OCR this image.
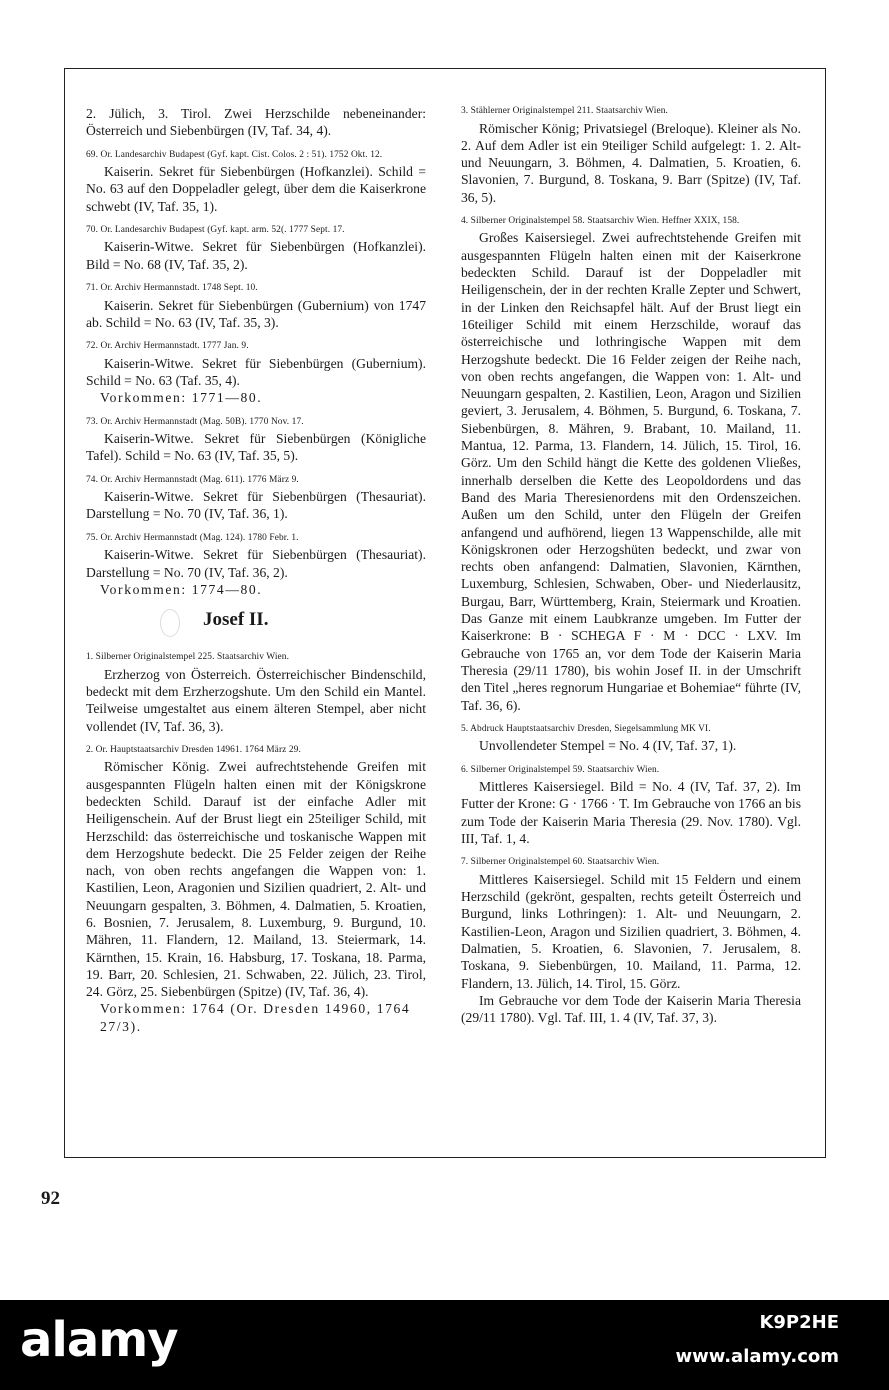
2. Jülich, 3. Tirol. Zwei Herzschilde nebeneinander: Österreich und Siebenbürgen (IV, Taf. 34, 4).

69. Or. Landesarchiv Budapest (Gyf. kapt. Cist. Colos. 2 : 51). 1752 Okt. 12.

Kaiserin. Sekret für Siebenbürgen (Hofkanzlei). Schild = No. 63 auf den Doppeladler gelegt, über dem die Kaiserkrone schwebt (IV, Taf. 35, 1).

70. Or. Landesarchiv Budapest (Gyf. kapt. arm. 52(. 1777 Sept. 17.

Kaiserin-Witwe. Sekret für Siebenbürgen (Hofkanzlei). Bild = No. 68 (IV, Taf. 35, 2).

71. Or. Archiv Hermannstadt. 1748 Sept. 10.

Kaiserin. Sekret für Siebenbürgen (Gubernium) von 1747 ab. Schild = No. 63 (IV, Taf. 35, 3).

72. Or. Archiv Hermannstadt. 1777 Jan. 9.

Kaiserin-Witwe. Sekret für Siebenbürgen (Gubernium). Schild = No. 63 (Taf. 35, 4).

Vorkommen: 1771—80.

73. Or. Archiv Hermannstadt (Mag. 50B). 1770 Nov. 17.

Kaiserin-Witwe. Sekret für Siebenbürgen (Königliche Tafel). Schild = No. 63 (IV, Taf. 35, 5).

74. Or. Archiv Hermannstadt (Mag. 611). 1776 März 9.

Kaiserin-Witwe. Sekret für Siebenbürgen (Thesauriat). Darstellung = No. 70 (IV, Taf. 36, 1).

75. Or. Archiv Hermannstadt (Mag. 124). 1780 Febr. 1.

Kaiserin-Witwe. Sekret für Siebenbürgen (Thesauriat). Darstellung = No. 70 (IV, Taf. 36, 2).

Vorkommen: 1774—80.

Josef II.

1. Silberner Originalstempel 225. Staatsarchiv Wien.

Erzherzog von Österreich. Österreichischer Bindenschild, bedeckt mit dem Erzherzogshute. Um den Schild ein Mantel. Teilweise umgestaltet aus einem älteren Stempel, aber nicht vollendet (IV, Taf. 36, 3).

2. Or. Hauptstaatsarchiv Dresden 14961. 1764 März 29.

Römischer König. Zwei aufrechtstehende Greifen mit ausgespannten Flügeln halten einen mit der Königskrone bedeckten Schild. Darauf ist der einfache Adler mit Heiligenschein. Auf der Brust liegt ein 25teiliger Schild, mit Herzschild: das österreichische und toskanische Wappen mit dem Herzogshute bedeckt. Die 25 Felder zeigen der Reihe nach, von oben rechts angefangen die Wappen von: 1. Kastilien, Leon, Aragonien und Sizilien quadriert, 2. Alt- und Neuungarn gespalten, 3. Böhmen, 4. Dalmatien, 5. Kroatien, 6. Bosnien, 7. Jerusalem, 8. Luxemburg, 9. Burgund, 10. Mähren, 11. Flandern, 12. Mailand, 13. Steiermark, 14. Kärnthen, 15. Krain, 16. Habsburg, 17. Toskana, 18. Parma, 19. Barr, 20. Schlesien, 21. Schwaben, 22. Jülich, 23. Tirol, 24. Görz, 25. Siebenbürgen (Spitze) (IV, Taf. 36, 4).

Vorkommen: 1764 (Or. Dresden 14960, 1764 27/3).

3. Stählerner Originalstempel 211. Staatsarchiv Wien.

Römischer König; Privatsiegel (Breloque). Kleiner als No. 2. Auf dem Adler ist ein 9teiliger Schild aufgelegt: 1. 2. Alt- und Neuungarn, 3. Böhmen, 4. Dalmatien, 5. Kroatien, 6. Slavonien, 7. Burgund, 8. Toskana, 9. Barr (Spitze) (IV, Taf. 36, 5).

4. Silberner Originalstempel 58. Staatsarchiv Wien. Heffner XXIX, 158.

Großes Kaisersiegel. Zwei aufrechtstehende Greifen mit ausgespannten Flügeln halten einen mit der Kaiserkrone bedeckten Schild. Darauf ist der Doppeladler mit Heiligenschein, der in der rechten Kralle Zepter und Schwert, in der Linken den Reichsapfel hält. Auf der Brust liegt ein 16teiliger Schild mit einem Herzschilde, worauf das österreichische und lothringische Wappen mit dem Herzogshute bedeckt. Die 16 Felder zeigen der Reihe nach, von oben rechts angefangen, die Wappen von: 1. Alt- und Neuungarn gespalten, 2. Kastilien, Leon, Aragon und Sizilien geviert, 3. Jerusalem, 4. Böhmen, 5. Burgund, 6. Toskana, 7. Siebenbürgen, 8. Mähren, 9. Brabant, 10. Mailand, 11. Mantua, 12. Parma, 13. Flandern, 14. Jülich, 15. Tirol, 16. Görz. Um den Schild hängt die Kette des goldenen Vließes, innerhalb derselben die Kette des Leopoldordens und das Band des Maria Theresienordens mit den Ordenszeichen. Außen um den Schild, unter den Flügeln der Greifen anfangend und aufhörend, liegen 13 Wappenschilde, alle mit Königskronen oder Herzogshüten bedeckt, und zwar von rechts oben anfangend: Dalmatien, Slavonien, Kärnthen, Luxemburg, Schlesien, Schwaben, Ober- und Niederlausitz, Burgau, Barr, Württemberg, Krain, Steiermark und Kroatien. Das Ganze mit einem Laubkranze umgeben. Im Futter der Kaiserkrone: B · SCHEGA F · M · DCC · LXV. Im Gebrauche von 1765 an, vor dem Tode der Kaiserin Maria Theresia (29/11 1780), bis wohin Josef II. in der Umschrift den Titel „heres regnorum Hungariae et Bohemiae“ führte (IV, Taf. 36, 6).

5. Abdruck Hauptstaatsarchiv Dresden, Siegelsammlung MK VI.

Unvollendeter Stempel = No. 4 (IV, Taf. 37, 1).

6. Silberner Originalstempel 59. Staatsarchiv Wien.

Mittleres Kaisersiegel. Bild = No. 4 (IV, Taf. 37, 2). Im Futter der Krone: G · 1766 · T. Im Gebrauche von 1766 an bis zum Tode der Kaiserin Maria Theresia (29. Nov. 1780). Vgl. III, Taf. 1, 4.

7. Silberner Originalstempel 60. Staatsarchiv Wien.

Mittleres Kaisersiegel. Schild mit 15 Feldern und einem Herzschild (gekrönt, gespalten, rechts geteilt Österreich und Burgund, links Lothringen): 1. Alt- und Neuungarn, 2. Kastilien-Leon, Aragon und Sizilien quadriert, 3. Böhmen, 4. Dalmatien, 5. Kroatien, 6. Slavonien, 7. Jerusalem, 8. Toskana, 9. Siebenbürgen, 10. Mailand, 11. Parma, 12. Flandern, 13. Jülich, 14. Tirol, 15. Görz.

Im Gebrauche vor dem Tode der Kaiserin Maria Theresia (29/11 1780). Vgl. Taf. III, 1. 4 (IV, Taf. 37, 3).

92
alamy	K9P2HE
www.alamy.com
